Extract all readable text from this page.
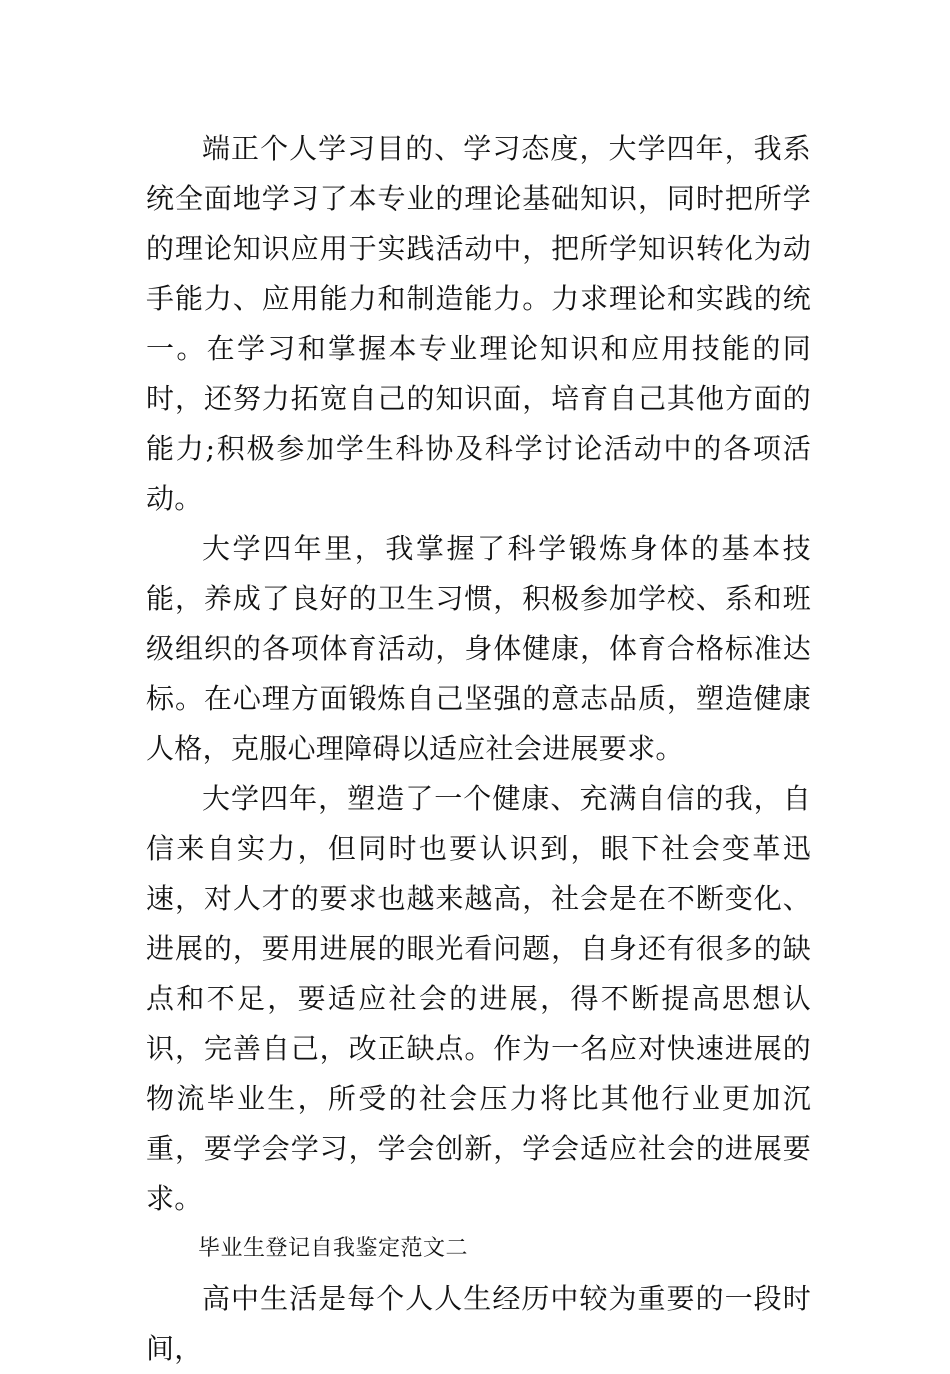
端正个人学习目的、学习态度，大学四年，我系统全面地学习了本专业的理论基础知识，同时把所学的理论知识应用于实践活动中，把所学知识转化为动手能力、应用能力和制造能力。力求理论和实践的统一。在学习和掌握本专业理论知识和应用技能的同时，还努力拓宽自己的知识面，培育自己其他方面的能力;积极参加学生科协及科学讨论活动中的各项活动。

大学四年里，我掌握了科学锻炼身体的基本技能，养成了良好的卫生习惯，积极参加学校、系和班级组织的各项体育活动，身体健康，体育合格标准达标。在心理方面锻炼自己坚强的意志品质，塑造健康人格，克服心理障碍以适应社会进展要求。

大学四年，塑造了一个健康、充满自信的我，自信来自实力，但同时也要认识到，眼下社会变革迅速，对人才的要求也越来越高，社会是在不断变化、进展的，要用进展的眼光看问题，自身还有很多的缺点和不足，要适应社会的进展，得不断提高思想认识，完善自己，改正缺点。作为一名应对快速进展的物流毕业生，所受的社会压力将比其他行业更加沉重，要学会学习，学会创新，学会适应社会的进展要求。

毕业生登记自我鉴定范文二

高中生活是每个人人生经历中较为重要的一段时间，
